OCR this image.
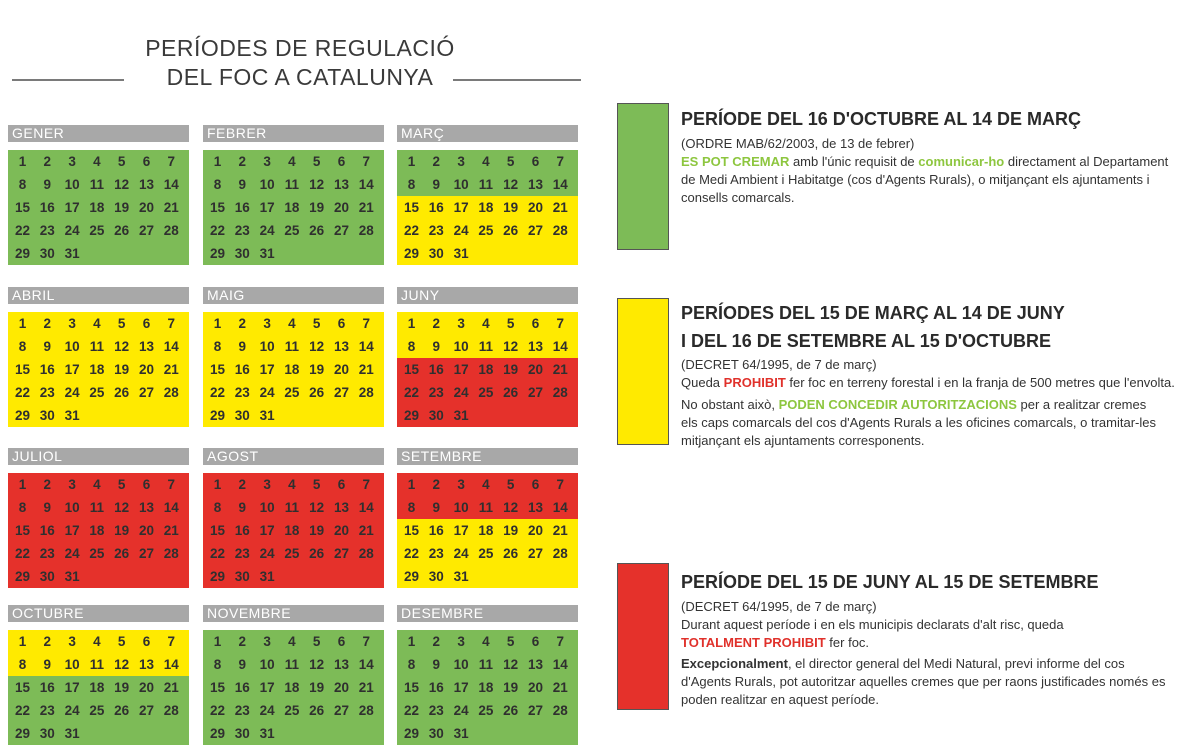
PERÍODES DE REGULACIÓ
DEL FOC A CATALUNYA
GENER
1	2	3	4	5	6	7
8	9	10 11 12 13 14
15 16 17 18 19 20 21
22 23 24 25 26 27 28
29 30 31
FEBRER
1	2	3	4	5	6	7
8	9	10 11 12 13 14
15 16 17 18 19 20 21
22 23 24 25 26 27 28
29 30 31
MARÇ
1	2	3	4	5	6	7
8	9	10 11 12 13 14
15 16 17 18 19 20 21
22 23 24 25 26 27 28
29 30 31
ABRIL
1	2	3	4	5	6	7
8	9	10 11 12 13 14
15 16 17 18 19 20 21
22 23 24 25 26 27 28
29 30 31
MAIG
1	2	3	4	5	6	7
8	9	10 11 12 13 14
15 16 17 18 19 20 21
22 23 24 25 26 27 28
29 30 31
JUNY
1	2	3	4	5	6	7
8	9	10 11 12 13 14
15 16 17 18 19 20 21
22 23 24 25 26 27 28
29 30 31
JULIOL
1	2	3	4	5	6	7
8	9	10 11 12 13 14
15 16 17 18 19 20 21
22 23 24 25 26 27 28
29 30 31
AGOST
1	2	3	4	5	6	7
8	9	10 11 12 13 14
15 16 17 18 19 20 21
22 23 24 25 26 27 28
29 30 31
SETEMBRE
1	2	3	4	5	6	7
8	9	10 11 12 13 14
15 16 17 18 19 20 21
22 23 24 25 26 27 28
29 30 31
OCTUBRE
1	2	3	4	5	6	7
8	9	10 11 12 13 14
15 16 17 18 19 20 21
22 23 24 25 26 27 28
29 30 31
NOVEMBRE
1	2	3	4	5	6	7
8	9	10 11 12 13 14
15 16 17 18 19 20 21
22 23 24 25 26 27 28
29 30 31
DESEMBRE
1	2	3	4	5	6	7
8	9	10 11 12 13 14
15 16 17 18 19 20 21
22 23 24 25 26 27 28
29 30 31
PERÍODE DEL 16 D'OCTUBRE AL 14 DE MARÇ
(ORDRE MAB/62/2003, de 13 de febrer)
ES POT CREMAR amb l'únic requisit de comunicar-ho directament al Departament de Medi Ambient i Habitatge (cos d'Agents Rurals), o mitjançant els ajuntaments i consells comarcals.
PERÍODES DEL 15 DE MARÇ AL 14 DE JUNY
I DEL 16 DE SETEMBRE AL 15 D'OCTUBRE
(DECRET 64/1995, de 7 de març)
Queda PROHIBIT fer foc en terreny forestal i en la franja de 500 metres que l'envolta.
No obstant això, PODEN CONCEDIR AUTORITZACIONS per a realitzar cremes els caps comarcals del cos d'Agents Rurals a les oficines comarcals, o tramitar-les mitjançant els ajuntaments corresponents.
PERÍODE DEL 15 DE JUNY AL 15 DE SETEMBRE
(DECRET 64/1995, de 7 de març)
Durant aquest període i en els municipis declarats d'alt risc, queda
TOTALMENT PROHIBIT fer foc.
Excepcionalment, el director general del Medi Natural, previ informe del cos d'Agents Rurals, pot autoritzar aquelles cremes que per raons justificades només es poden realitzar en aquest període.
